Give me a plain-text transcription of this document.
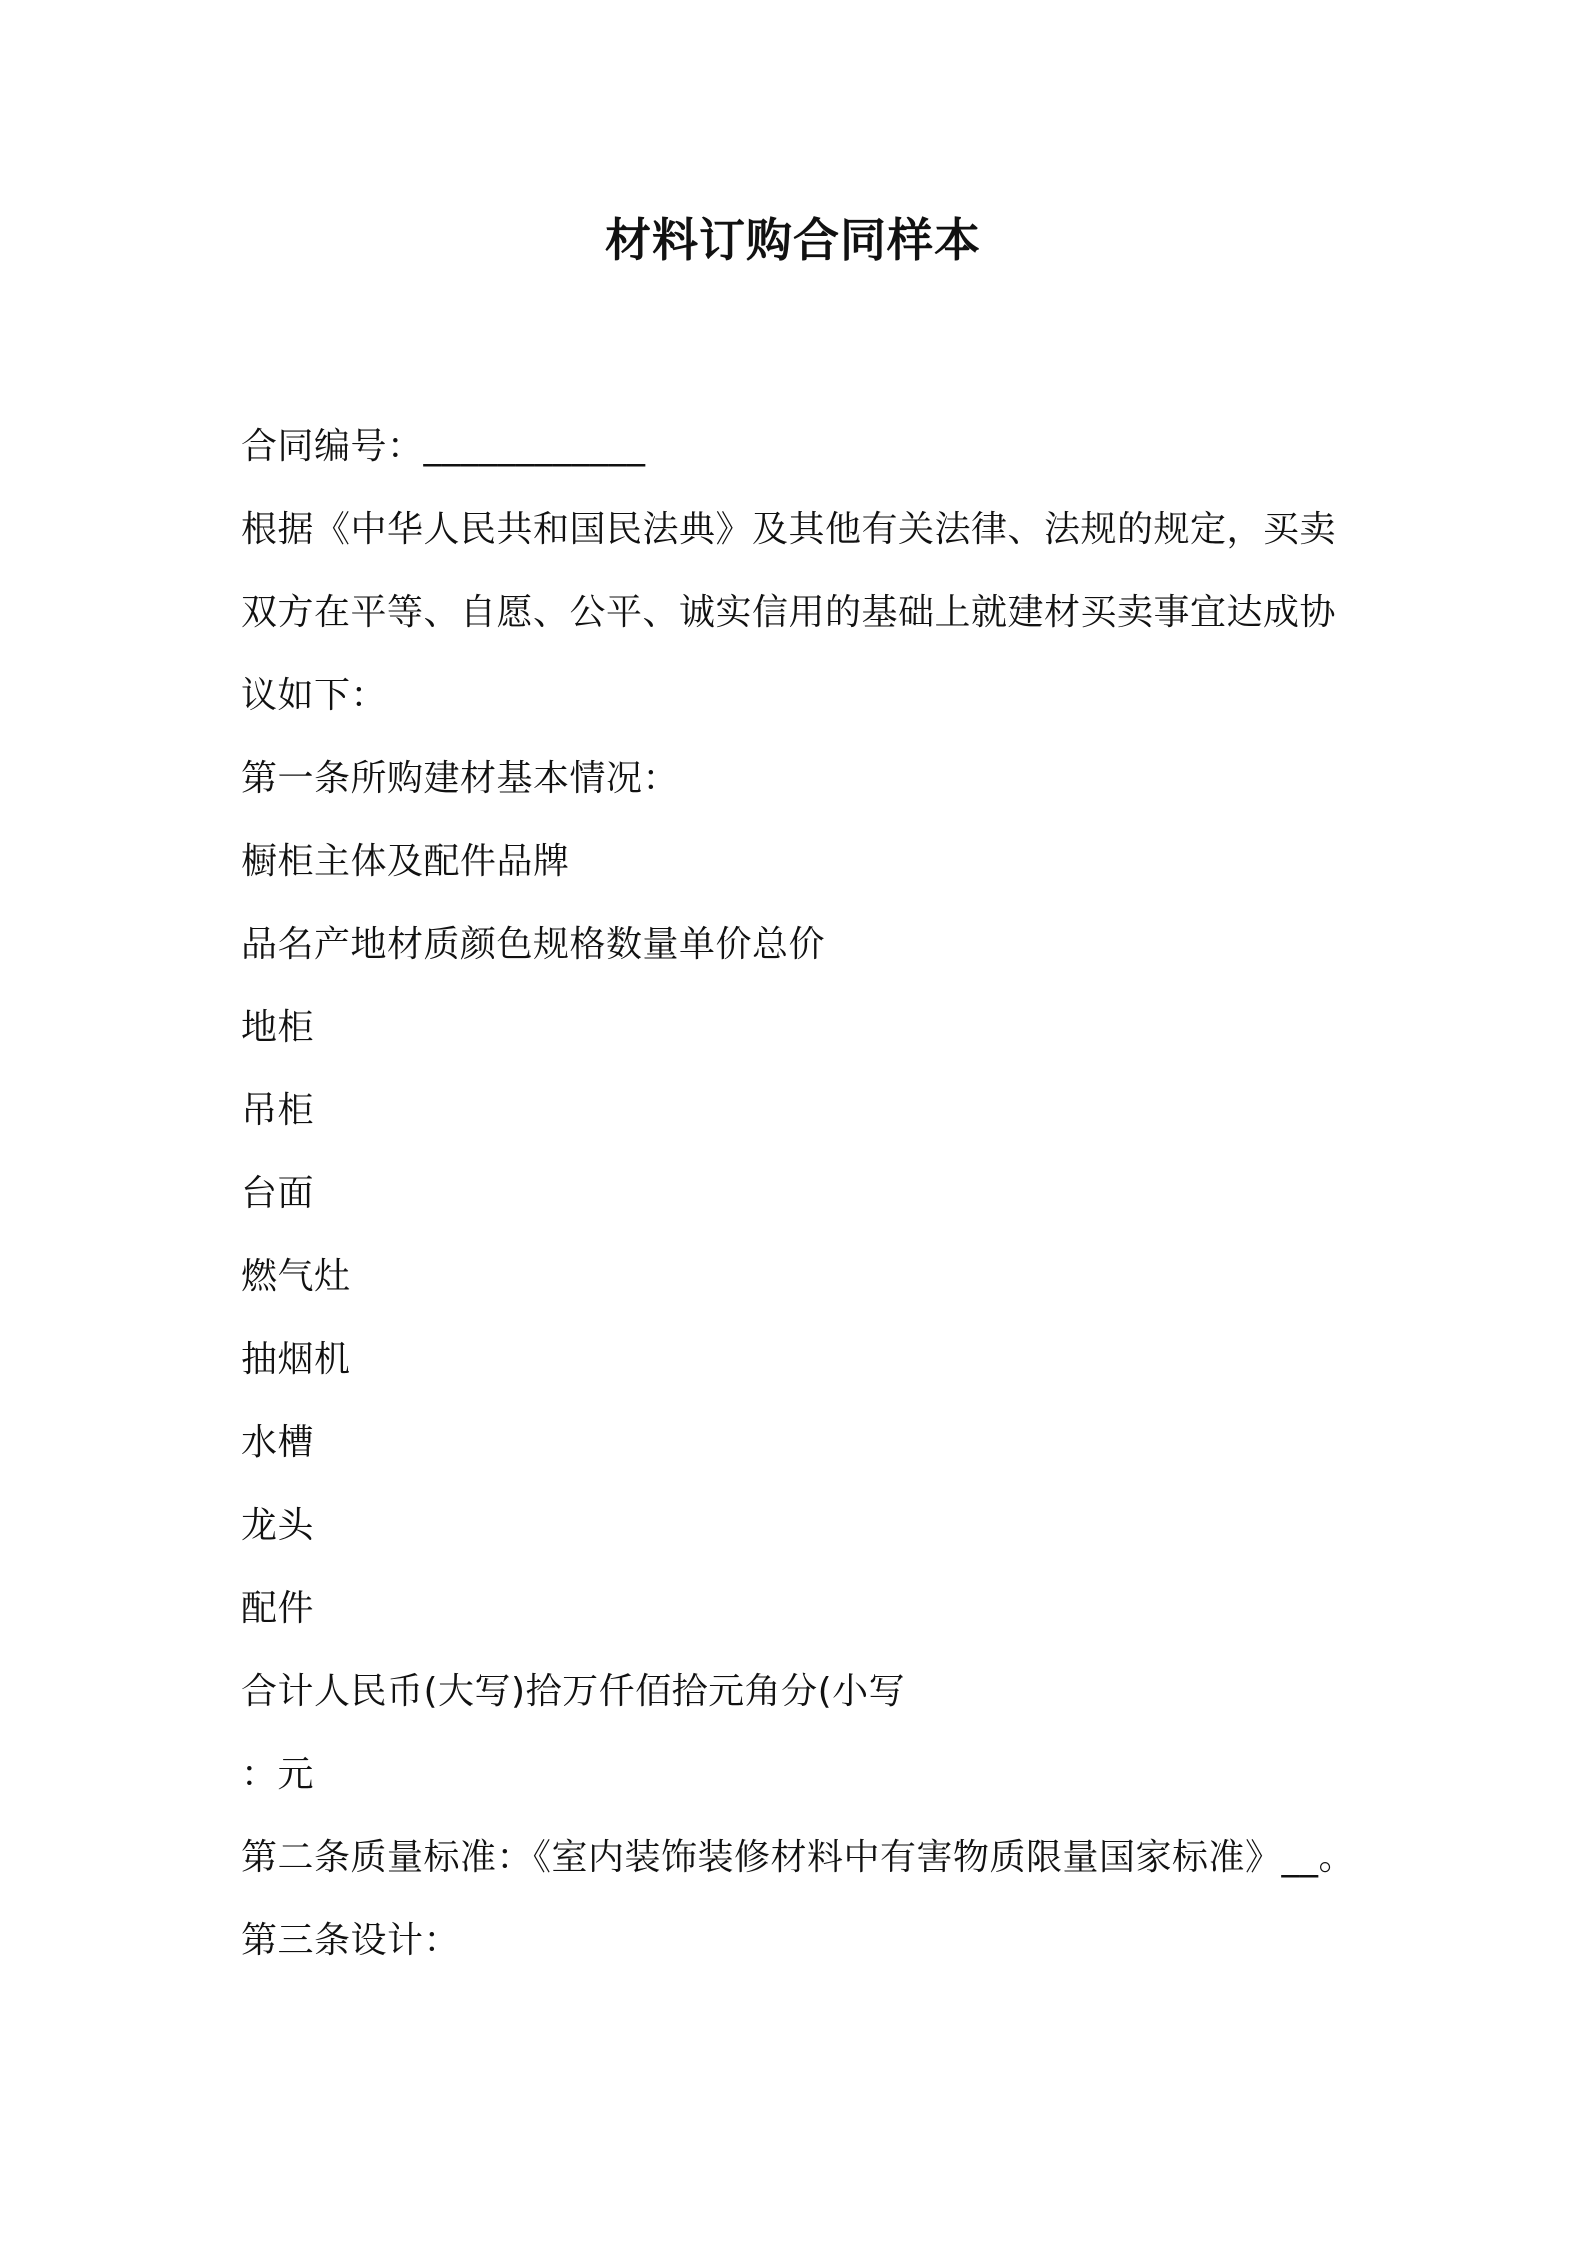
材料订购合同样本
合同编号：____________
根据《中华人民共和国民法典》及其他有关法律、法规的规定，买卖
双方在平等、自愿、公平、诚实信用的基础上就建材买卖事宜达成协
议如下：
第一条所购建材基本情况：
橱柜主体及配件品牌
品名产地材质颜色规格数量单价总价
地柜
吊柜
台面
燃气灶
抽烟机
水槽
龙头
配件
合计人民币(大写)拾万仟佰拾元角分(小写
：元
第二条质量标准：《室内装饰装修材料中有害物质限量国家标准》__。
第三条设计：
